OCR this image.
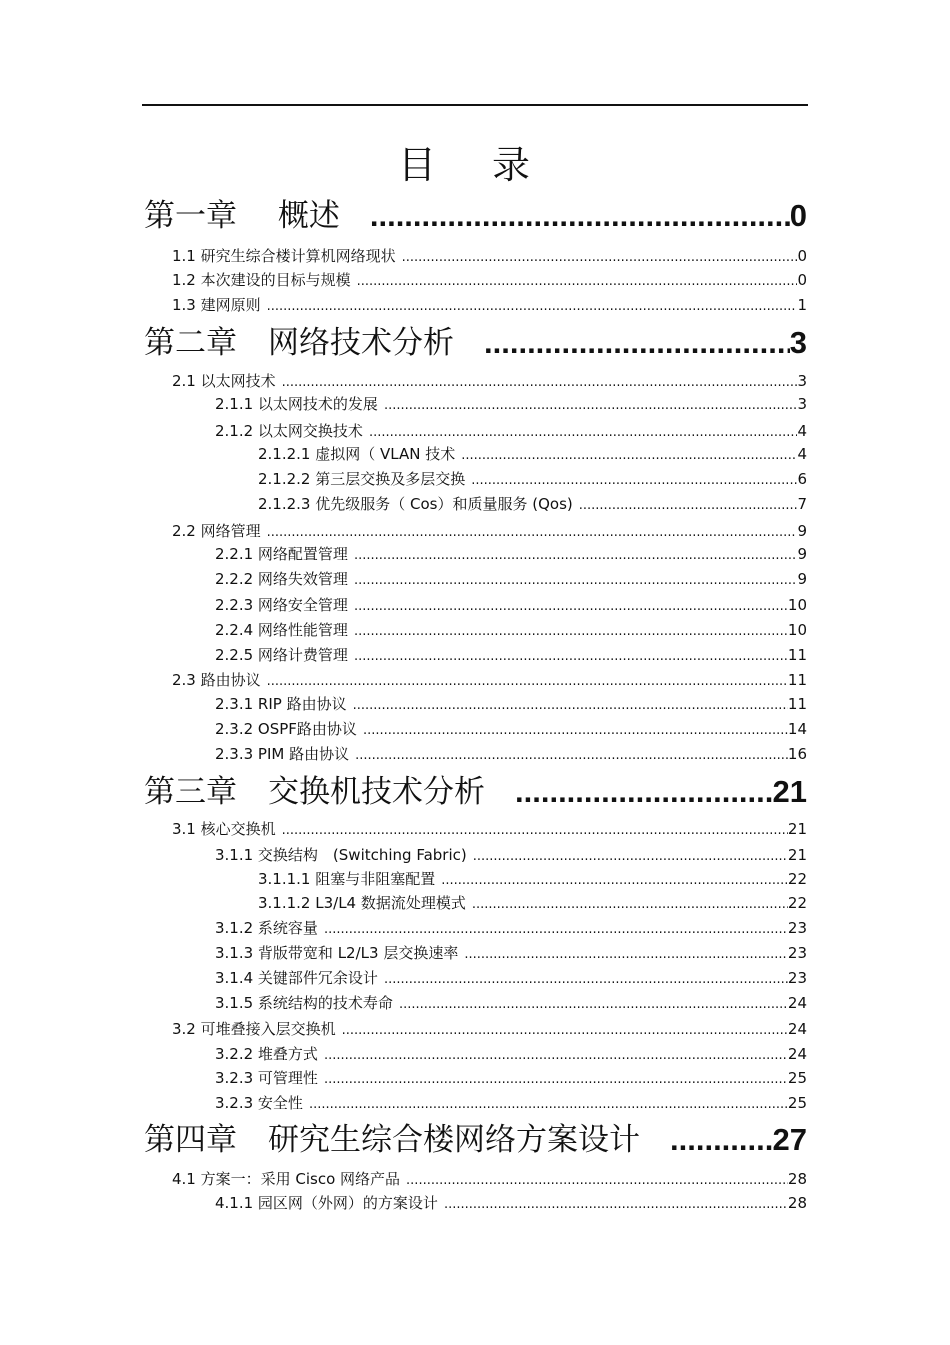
目 录
第一章　 概述 .....	0
1.1 研究生综合楼计算机网络现状 .....	0
1.2 本次建设的目标与规模 .....	0
1.3 建网原则 .....	1
第二章　网络技术分析 .....	3
2.1 以太网技术 .....	3
2.1.1 以太网技术的发展 .....	3
2.1.2 以太网交换技术 .....	4
2.1.2.1 虚拟网（ VLAN 技术 .....	4
2.1.2.2 第三层交换及多层交换 .....	6
2.1.2.3 优先级服务（ Cos）和质量服务 (Qos) .....	7
2.2 网络管理 .....	9
2.2.1 网络配置管理 .....	9
2.2.2 网络失效管理 .....	9
2.2.3 网络安全管理 .....	10
2.2.4 网络性能管理 .....	10
2.2.5 网络计费管理 .....	11
2.3 路由协议 .....	11
2.3.1 RIP 路由协议 .....	11
2.3.2 OSPF路由协议 .....	14
2.3.3 PIM 路由协议 .....	16
第三章　交换机技术分析 .....	21
3.1 核心交换机 .....	21
3.1.1 交换结构　(Switching Fabric) .....	21
3.1.1.1 阻塞与非阻塞配置 .....	22
3.1.1.2 L3/L4 数据流处理模式 .....	22
3.1.2 系统容量 .....	23
3.1.3 背版带宽和 L2/L3 层交换速率 .....	23
3.1.4 关键部件冗余设计 .....	23
3.1.5 系统结构的技术寿命 .....	24
3.2 可堆叠接入层交换机 .....	24
3.2.2 堆叠方式 .....	24
3.2.3 可管理性 .....	25
3.2.3 安全性 .....	25
第四章　研究生综合楼网络方案设计 .....	27
4.1 方案一：采用 Cisco 网络产品 .....	28
4.1.1 园区网（外网）的方案设计 .....	28
